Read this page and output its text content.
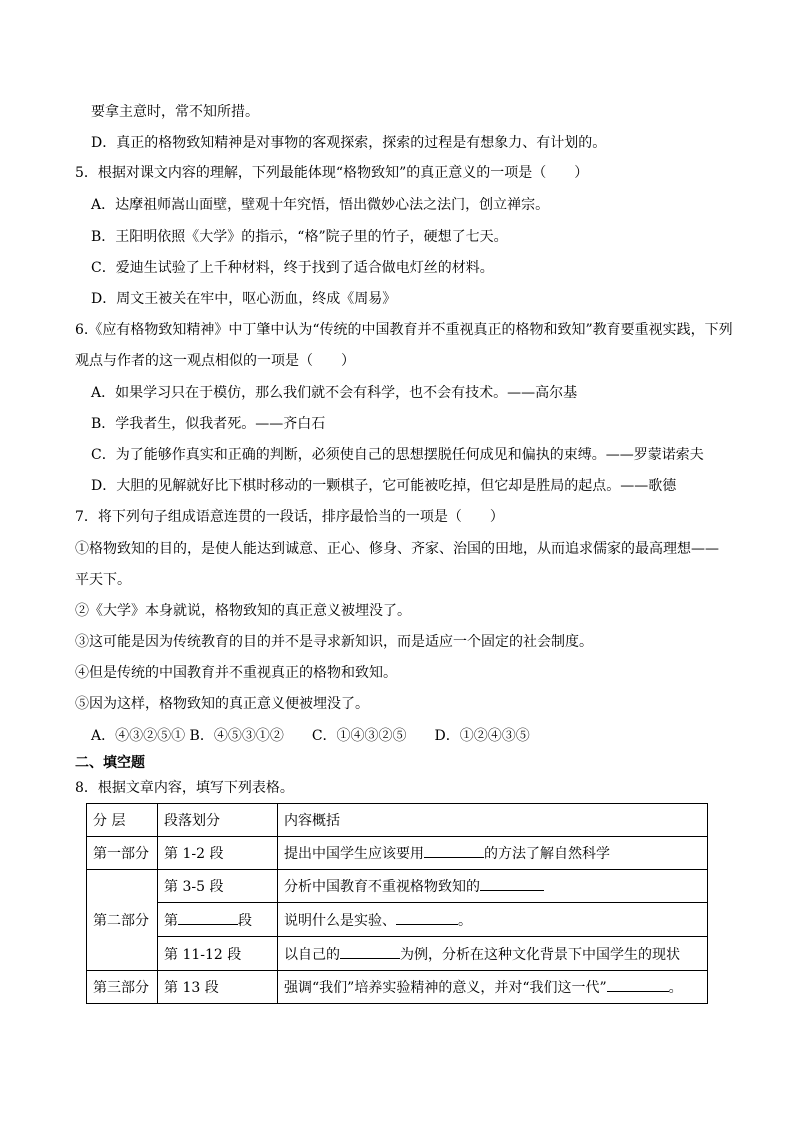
要拿主意时，常不知所措。
D．真正的格物致知精神是对事物的客观探索，探索的过程是有想象力、有计划的。
5．根据对课文内容的理解，下列最能体现“格物致知”的真正意义的一项是（　　）
A．达摩祖师嵩山面壁，壁观十年究悟，悟出微妙心法之法门，创立禅宗。
B．王阳明依照《大学》的指示，“格”院子里的竹子，硬想了七天。
C．爱迪生试验了上千种材料，终于找到了适合做电灯丝的材料。
D．周文王被关在牢中，呕心沥血，终成《周易》
6.《应有格物致知精神》中丁肇中认为“传统的中国教育并不重视真正的格物和致知”教育要重视实践，下列
观点与作者的这一观点相似的一项是（　　）
A．如果学习只在于模仿，那么我们就不会有科学，也不会有技术。——高尔基
B．学我者生，似我者死。——齐白石
C．为了能够作真实和正确的判断，必须使自己的思想摆脱任何成见和偏执的束缚。——罗蒙诺索夫
D．大胆的见解就好比下棋时移动的一颗棋子，它可能被吃掉，但它却是胜局的起点。——歌德
7．将下列句子组成语意连贯的一段话，排序最恰当的一项是（　　）
①格物致知的目的，是使人能达到诚意、正心、修身、齐家、治国的田地，从而追求儒家的最高理想——
平天下。
②《大学》本身就说，格物致知的真正意义被埋没了。
③这可能是因为传统教育的目的并不是寻求新知识，而是适应一个固定的社会制度。
④但是传统的中国教育并不重视真正的格物和致知。
⑤因为这样，格物致知的真正意义便被埋没了。
A．④③②⑤① B．④⑤③①②　　C．①④③②⑤　　D．①②④③⑤
二、填空题
8．根据文章内容，填写下列表格。
分 层	段落划分	内容概括
第一部分	第 1-2 段	提出中国学生应该要用 的方法了解自然科学
第二部分	第 3-5 段	分析中国教育不重视格物致知的
	第 段	说明什么是实验、 。
	第 11-12 段	以自己的 为例，分析在这种文化背景下中国学生的现状
第三部分	第 13 段	强调“我们”培养实验精神的意义，并对“我们这一代” 。
